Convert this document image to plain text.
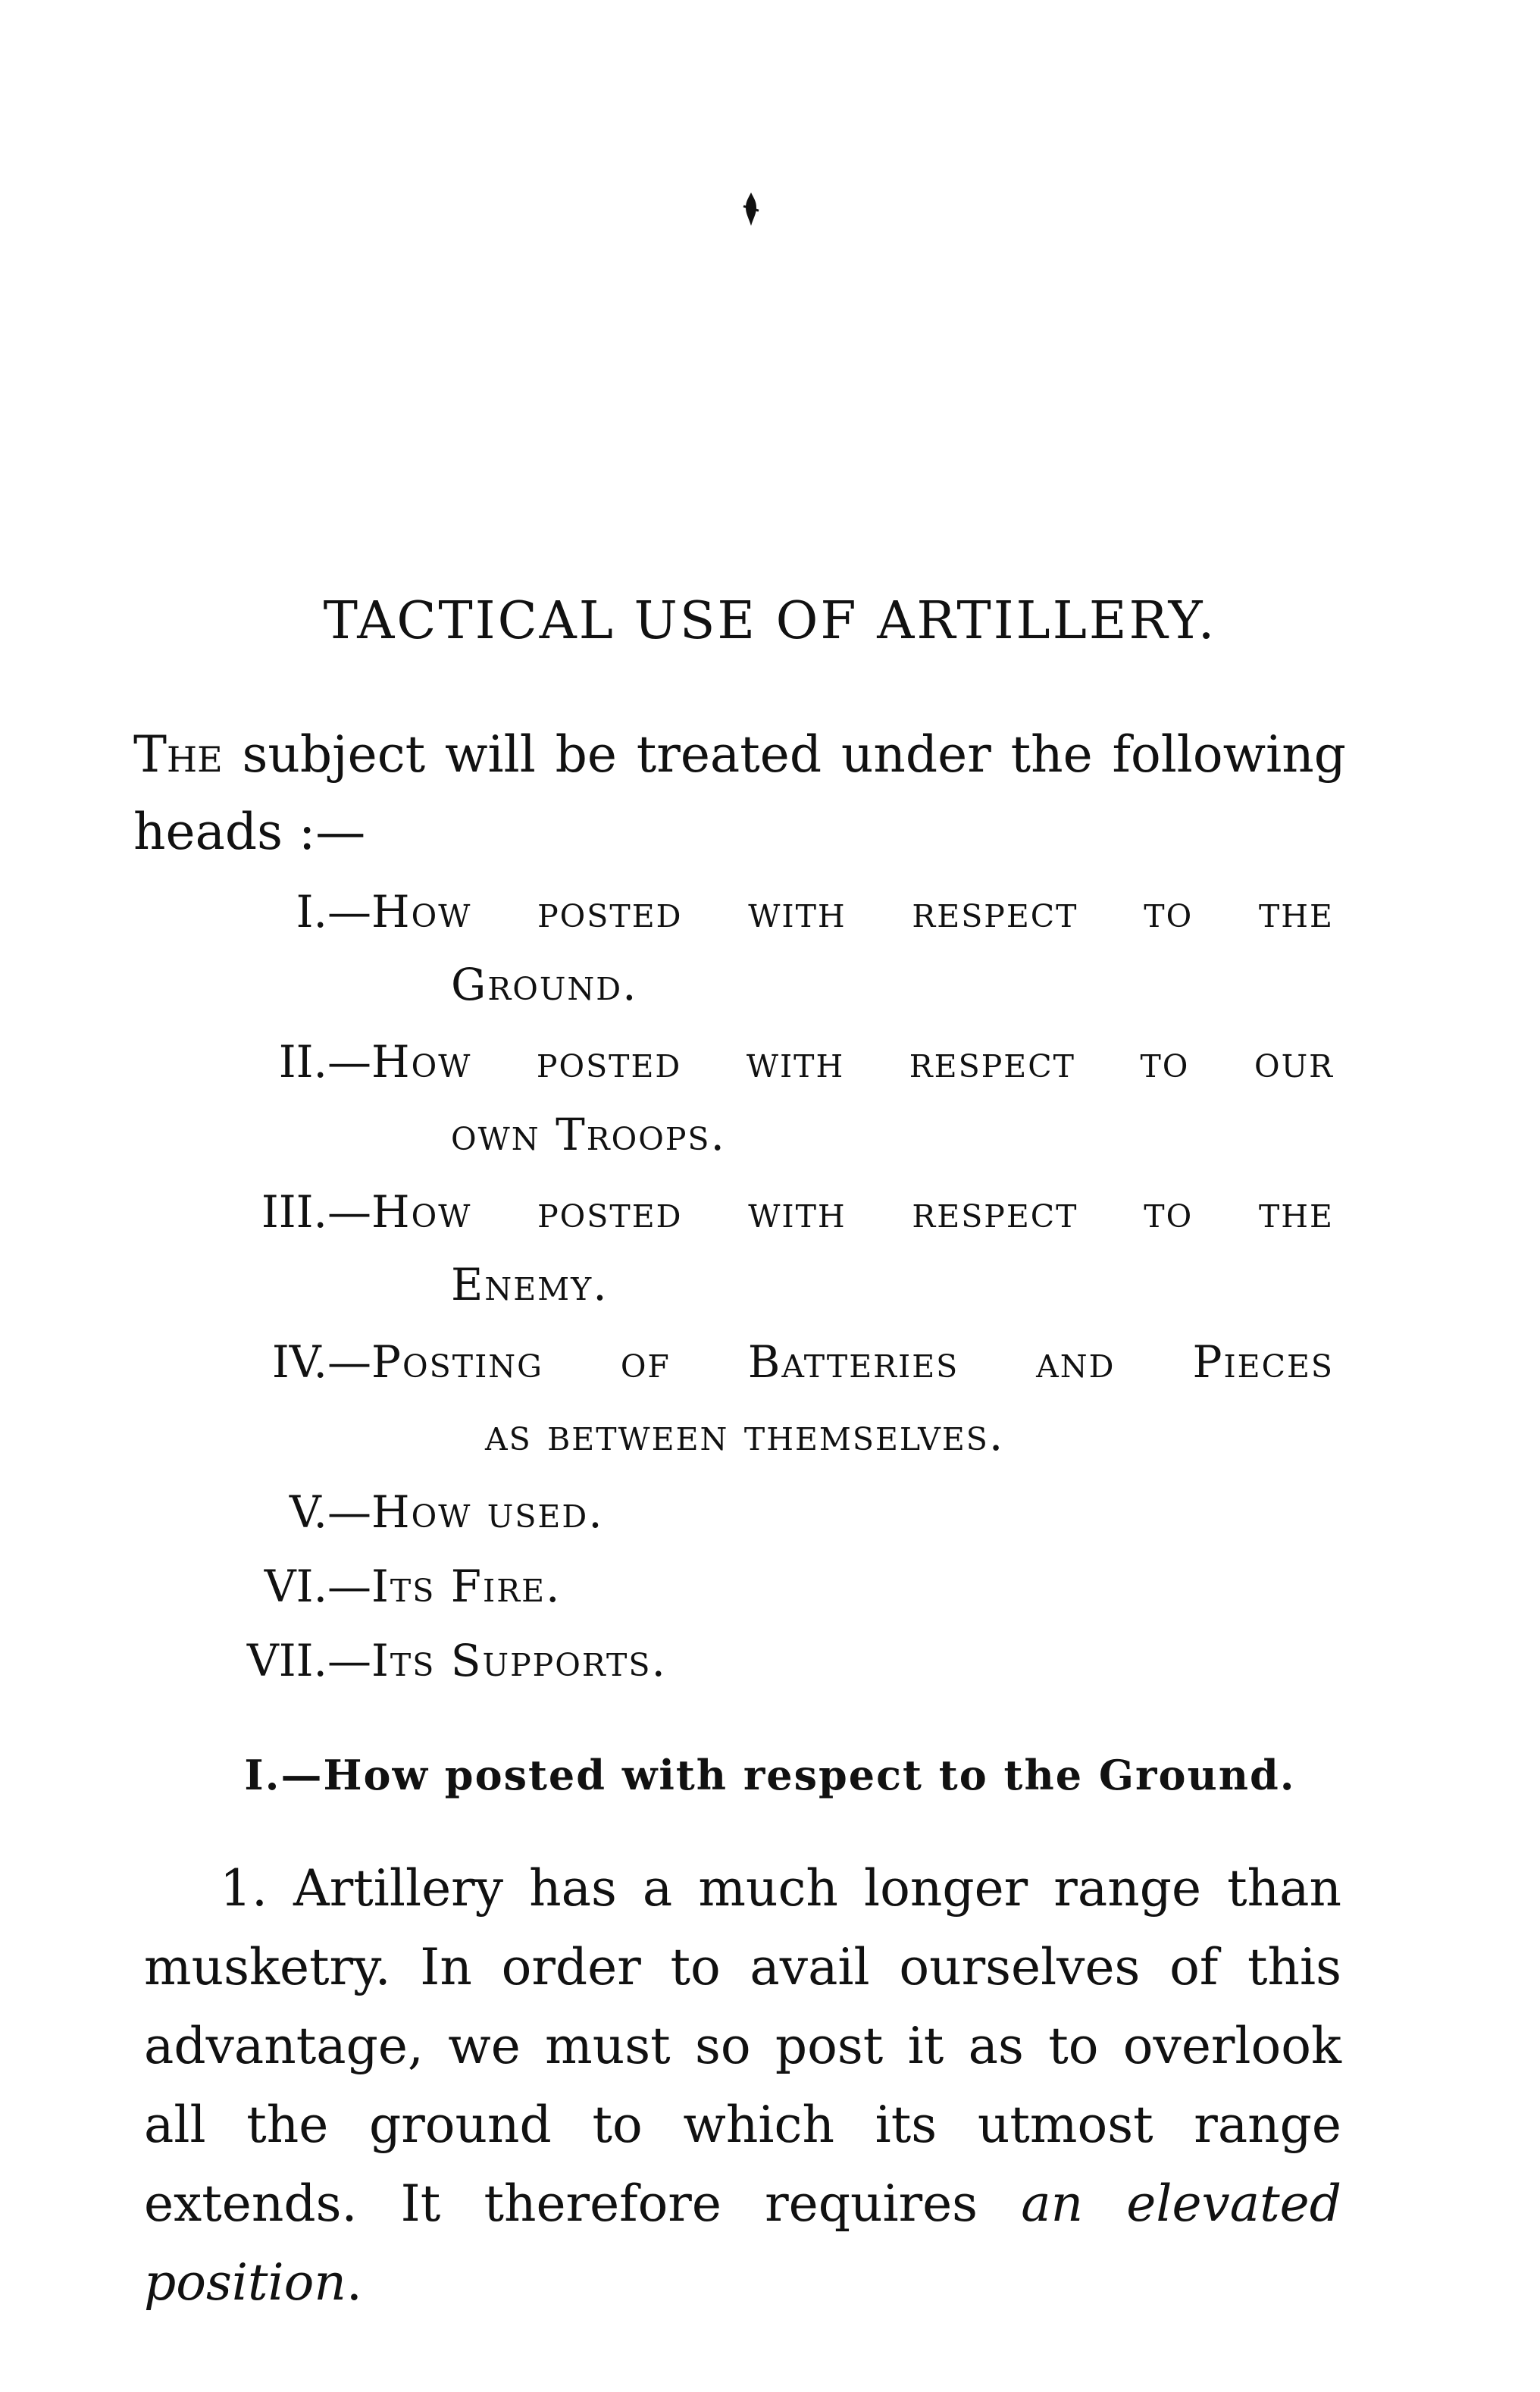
TACTICAL USE OF ARTILLERY.

The subject will be treated under the following heads :—

I.— How posted with respect to the
Ground.
II.— How posted with respect to our
own Troops.
III.— How posted with respect to the
Enemy.
IV.— Posting of Batteries and Pieces
as between themselves.
V.— How used.
VI.— Its Fire.
VII.— Its Supports.
I.—How posted with respect to the Ground.

1. Artillery has a much longer range than musketry. In order to avail ourselves of this advantage, we must so post it as to overlook all the ground to which its utmost range extends. It therefore requires an elevated position.
